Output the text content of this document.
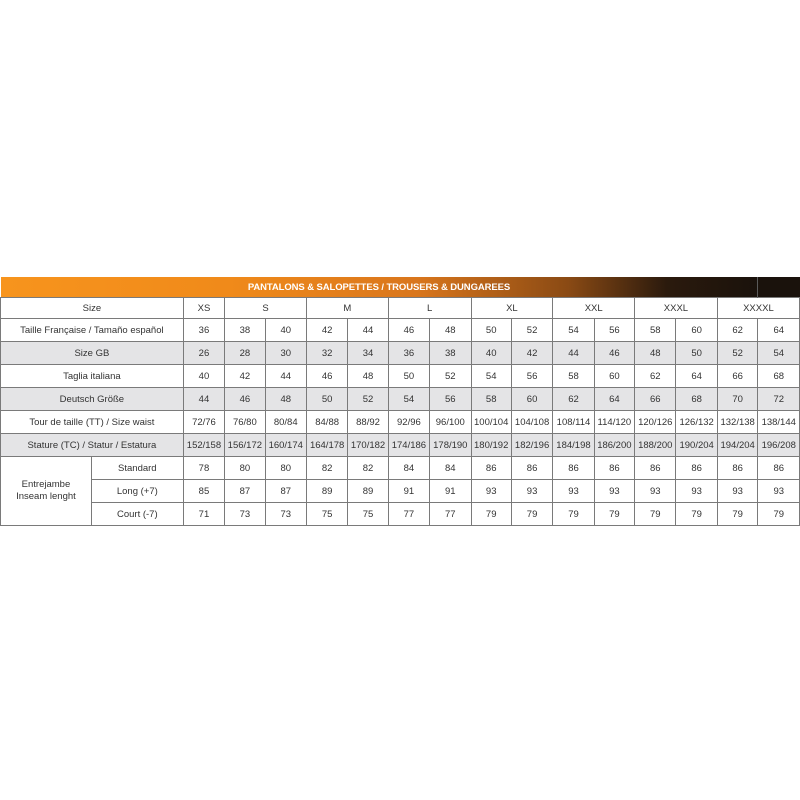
PANTALONS & SALOPETTES / TROUSERS & DUNGAREES																
Size		XS	S		M		L		XL		XXL		XXXL		XXXXL	
Taille Française / Tamaño español		36	38	40	42	44	46	48	50	52	54	56	58	60	62	64
Size GB		26	28	30	32	34	36	38	40	42	44	46	48	50	52	54
Taglia italiana		40	42	44	46	48	50	52	54	56	58	60	62	64	66	68
Deutsch Größe		44	46	48	50	52	54	56	58	60	62	64	66	68	70	72
Tour de taille (TT) / Size waist		72/76	76/80	80/84	84/88	88/92	92/96	96/100	100/104	104/108	108/114	114/120	120/126	126/132	132/138	138/144
Stature (TC) / Statur / Estatura		152/158	156/172	160/174	164/178	170/182	174/186	178/190	180/192	182/196	184/198	186/200	188/200	190/204	194/204	196/208

Entrejambe
Inseam lenght	Standard	78	80	80	82	82	84	84	86	86	86	86	86	86	86	86
	Long (+7)	85	87	87	89	89	91	91	93	93	93	93	93	93	93	93
	Court (-7)	71	73	73	75	75	77	77	79	79	79	79	79	79	79	79
